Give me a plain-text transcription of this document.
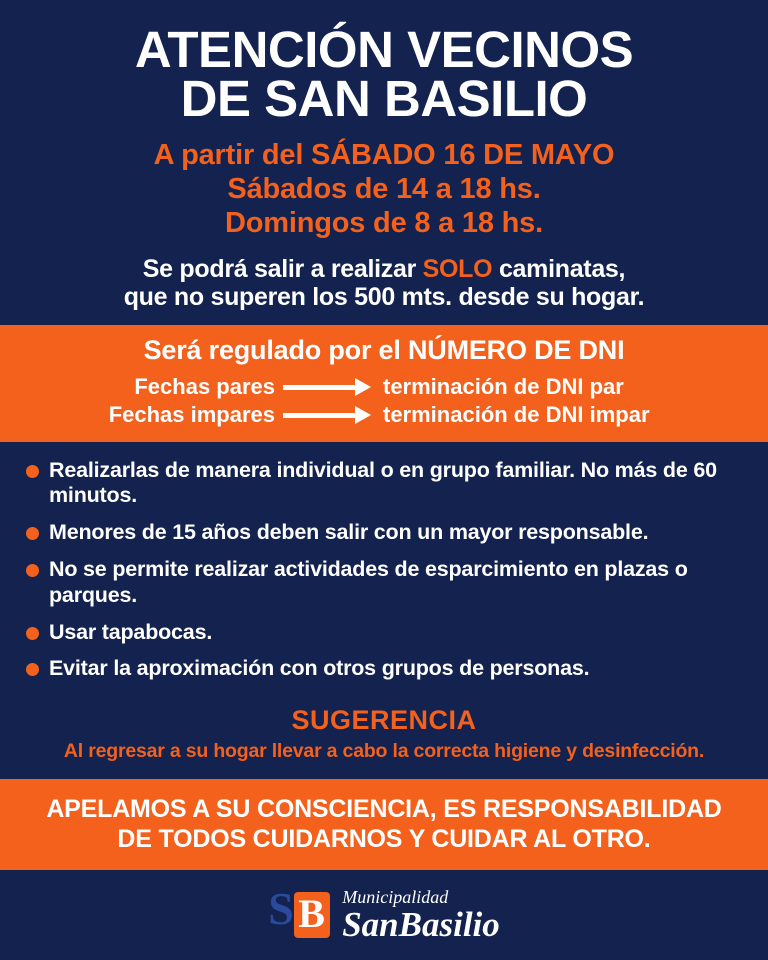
ATENCIÓN VECINOS
DE SAN BASILIO
A partir del SÁBADO 16 DE MAYO
Sábados de 14 a 18 hs.
Domingos de 8 a 18 hs.
Se podrá salir a realizar SOLO caminatas,
que no superen los 500 mts. desde su hogar.
Será regulado por el NÚMERO DE DNI
Fechas pares	terminación de DNI par
Fechas impares	terminación de DNI impar
Realizarlas de manera individual o en grupo familiar. No más de 60 minutos.
Menores de 15 años deben salir con un mayor responsable.
No se permite realizar actividades de esparcimiento en plazas o parques.
Usar tapabocas.
Evitar la aproximación con otros grupos de personas.
SUGERENCIA
Al regresar a su hogar llevar a cabo la correcta higiene y desinfección.
APELAMOS A SU CONSCIENCIA, ES RESPONSABILIDAD
DE TODOS CUIDARNOS Y CUIDAR AL OTRO.
S B Municipalidad
SanBasilio
